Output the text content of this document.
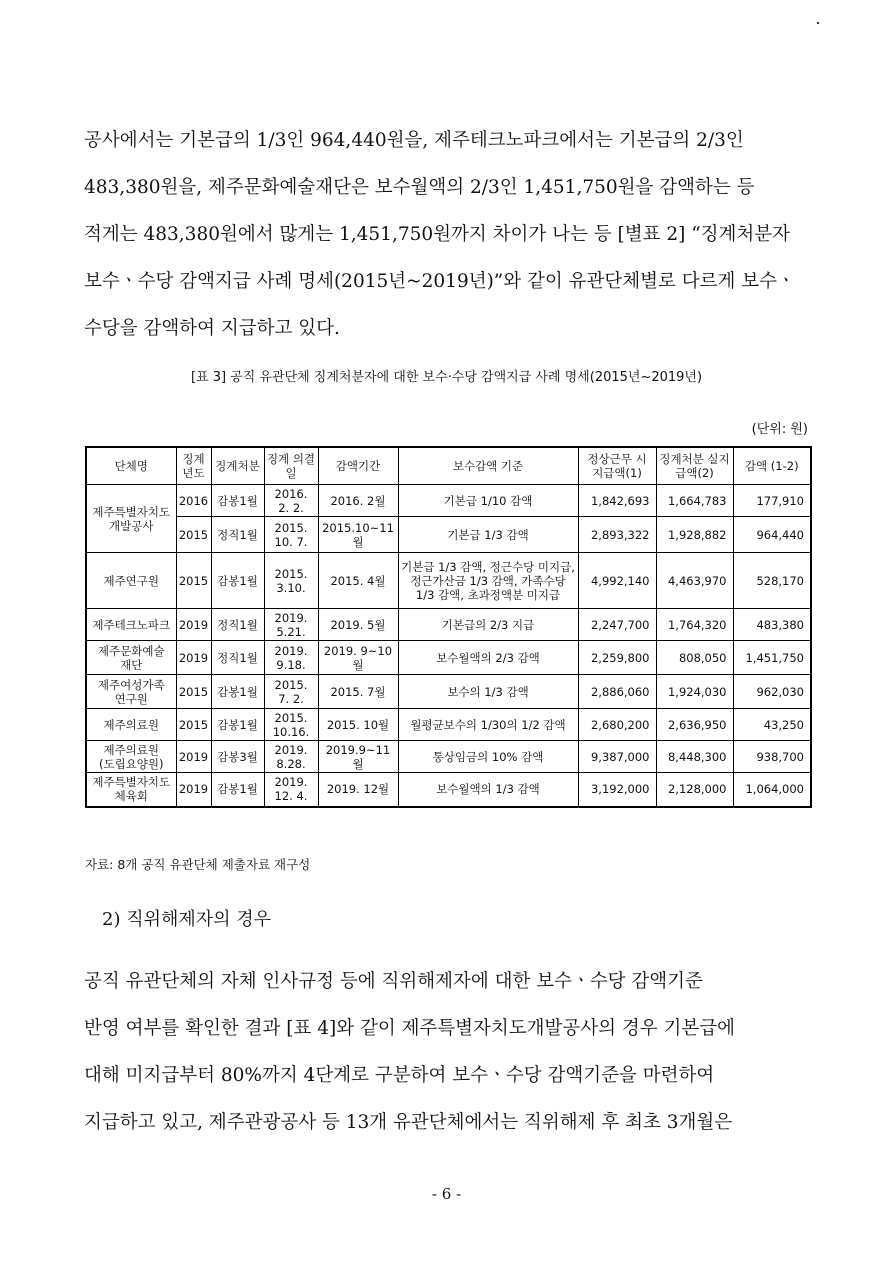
공사에서는 기본급의 1/3인 964,440원을, 제주테크노파크에서는 기본급의 2/3인
483,380원을, 제주문화예술재단은 보수월액의 2/3인 1,451,750원을 감액하는 등
적게는 483,380원에서 많게는 1,451,750원까지 차이가 나는 등 [별표 2] “징계처분자
보수ㆍ수당 감액지급 사례 명세(2015년~2019년)”와 같이 유관단체별로 다르게 보수ㆍ
수당을 감액하여 지급하고 있다.
[표 3] 공직 유관단체 징계처분자에 대한 보수·수당 감액지급 사례 명세(2015년~2019년)
(단위: 원)
단체명	징계 년도	징계처분	징계 의결일	감액기간	보수감액 기준	정상근무 시 지급액(1)	징계처분 실지급액(2)	감액 (1-2)
제주특별자치도
개발공사	2016	감봉1월	2016.
2. 2.	2016. 2월	기본급 1/10 감액	1,842,693	1,664,783	177,910
	2015	정직1월	2015.
10. 7.	2015.10~11월	기본급 1/3 감액	2,893,322	1,928,882	964,440
제주연구원	2015	감봉1월	2015.
3.10.	2015. 4월	기본급 1/3 감액, 정근수당 미지급,
정근가산금 1/3 감액, 가족수당
1/3 감액, 초과정액분 미지급	4,992,140	4,463,970	528,170
제주테크노파크	2019	정직1월	2019.
5.21.	2019. 5월	기본급의 2/3 지급	2,247,700	1,764,320	483,380
제주문화예술
재단	2019	정직1월	2019.
9.18.	2019. 9~10월	보수월액의 2/3 감액	2,259,800	808,050	1,451,750
제주여성가족
연구원	2015	감봉1월	2015.
7. 2.	2015. 7월	보수의 1/3 감액	2,886,060	1,924,030	962,030
제주의료원	2015	감봉1월	2015.
10.16.	2015. 10월	월평균보수의 1/30의 1/2 감액	2,680,200	2,636,950	43,250
제주의료원
(도립요양원)	2019	감봉3월	2019.
8.28.	2019.9~11월	통상임금의 10% 감액	9,387,000	8,448,300	938,700
제주특별자치도
체육회	2019	감봉1월	2019.
12. 4.	2019. 12월	보수월액의 1/3 감액	3,192,000	2,128,000	1,064,000
자료: 8개 공직 유관단체 제출자료 재구성
2) 직위해제자의 경우
공직 유관단체의 자체 인사규정 등에 직위해제자에 대한 보수ㆍ수당 감액기준
반영 여부를 확인한 결과 [표 4]와 같이 제주특별자치도개발공사의 경우 기본급에
대해 미지급부터 80%까지 4단계로 구분하여 보수ㆍ수당 감액기준을 마련하여
지급하고 있고, 제주관광공사 등 13개 유관단체에서는 직위해제 후 최초 3개월은
- 6 -
